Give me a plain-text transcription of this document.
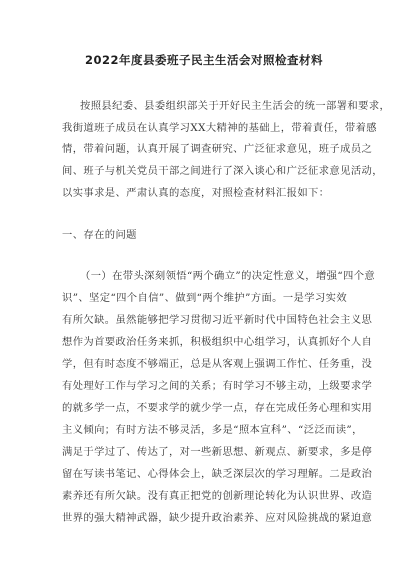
2022年度县委班子民主生活会对照检查材料
按照县纪委、县委组织部关于开好民主生活会的统一部署和要求，
我街道班子成员在认真学习XX大精神的基础上，带着責任，带着感
情，带着问题，认真开展了调查研究、广泛征求意见，班子成员之
间、班子与机关党员干部之间进行了深入谈心和广泛征求意见活动，
以实事求是、严肃认真的态度，对照检查材料汇报如下：
一、存在的问题
（一）在带头深刻领悟“两个确立”的决定性意义，增强“四个意
识”、坚定“四个自信”、做到“两个维护”方面。一是学习实效
有所欠缺。虽然能够把学习贯彻习近平新时代中国特色社会主义思
想作为首要政治任务来抓，积极组织中心组学习，认真抓好个人自
学，但有时态度不够端正，总是从客观上强调工作忙、任务重，没
有处理好工作与学习之间的关系；有时学习不够主动，上级要求学
的就多学一点，不要求学的就少学一点，存在完成任务心理和实用
主义倾向；有时方法不够灵活，多是“照本宣科”、“泛泛而读”，
满足于学过了、传达了，对一些新思想、新观点、新要求，多是停
留在写读书笔记、心得体会上，缺乏深层次的学习理解。二是政治
素养还有所欠缺。没有真正把党的创新理论转化为认识世界、改造
世界的强大精神武器，缺少提升政治素养、应对风险挑战的紧迫意
